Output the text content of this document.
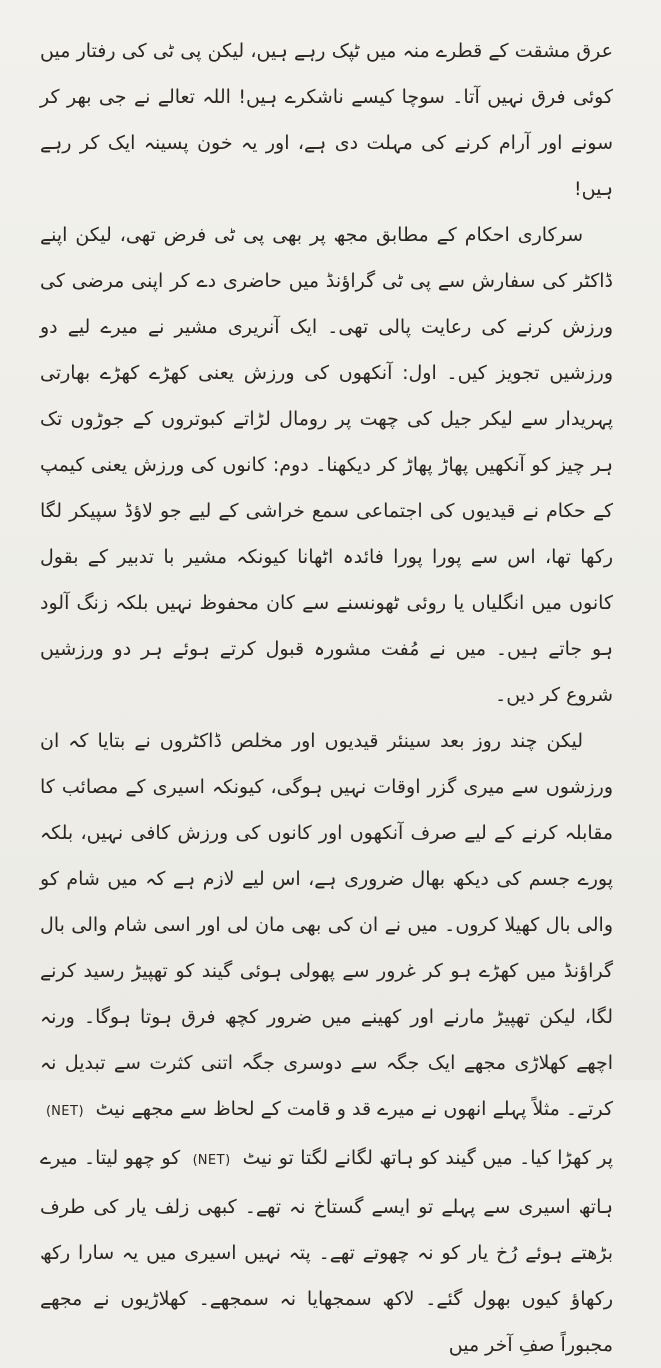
عرق مشقت کے قطرے منہ میں ٹپک رہے ہیں، لیکن پی ٹی کی رفتار میں کوئی فرق نہیں آتا۔ سوچا کیسے ناشکرے ہیں! اللہ تعالے نے جی بھر کر سونے اور آرام کرنے کی مہلت دی ہے، اور یہ خون پسینہ ایک کر رہے ہیں!

سرکاری احکام کے مطابق مجھ پر بھی پی ٹی فرض تھی، لیکن اپنے ڈاکٹر کی سفارش سے پی ٹی گراؤنڈ میں حاضری دے کر اپنی مرضی کی ورزش کرنے کی رعایت پالی تھی۔ ایک آنریری مشیر نے میرے لیے دو ورزشیں تجویز کیں۔ اول: آنکھوں کی ورزش یعنی کھڑے کھڑے بھارتی پہریدار سے لیکر جیل کی چھت پر رومال لڑاتے کبوتروں کے جوڑوں تک ہر چیز کو آنکھیں پھاڑ پھاڑ کر دیکھنا۔ دوم: کانوں کی ورزش یعنی کیمپ کے حکام نے قیدیوں کی اجتماعی سمع خراشی کے لیے جو لاؤڈ سپیکر لگا رکھا تھا، اس سے پورا پورا فائدہ اٹھانا کیونکہ مشیر با تدبیر کے بقول کانوں میں انگلیاں یا روئی ٹھونسنے سے کان محفوظ نہیں بلکہ زنگ آلود ہو جاتے ہیں۔ میں نے مُفت مشورہ قبول کرتے ہوئے ہر دو ورزشیں شروع کر دیں۔

لیکن چند روز بعد سینئر قیدیوں اور مخلص ڈاکٹروں نے بتایا کہ ان ورزشوں سے میری گزر اوقات نہیں ہوگی، کیونکہ اسیری کے مصائب کا مقابلہ کرنے کے لیے صرف آنکھوں اور کانوں کی ورزش کافی نہیں، بلکہ پورے جسم کی دیکھ بھال ضروری ہے، اس لیے لازم ہے کہ میں شام کو والی بال کھیلا کروں۔ میں نے ان کی بھی مان لی اور اسی شام والی بال گراؤنڈ میں کھڑے ہو کر غرور سے پھولی ہوئی گیند کو تھپیڑ رسید کرنے لگا، لیکن تھپیڑ مارنے اور کھینے میں ضرور کچھ فرق ہوتا ہوگا۔ ورنہ اچھے کھلاڑی مجھے ایک جگہ سے دوسری جگہ اتنی کثرت سے تبدیل نہ کرتے۔ مثلاً پہلے انھوں نے میرے قد و قامت کے لحاظ سے مجھے نیٹ (NET) پر کھڑا کیا۔ میں گیند کو ہاتھ لگانے لگتا تو نیٹ (NET) کو چھو لیتا۔ میرے ہاتھ اسیری سے پہلے تو ایسے گستاخ نہ تھے۔ کبھی زلف یار کی طرف بڑھتے ہوئے رُخ یار کو نہ چھوتے تھے۔ پتہ نہیں اسیری میں یہ سارا رکھ رکھاؤ کیوں بھول گئے۔ لاکھ سمجھایا نہ سمجھے۔ کھلاڑیوں نے مجھے مجبوراً صفِ آخر میں
